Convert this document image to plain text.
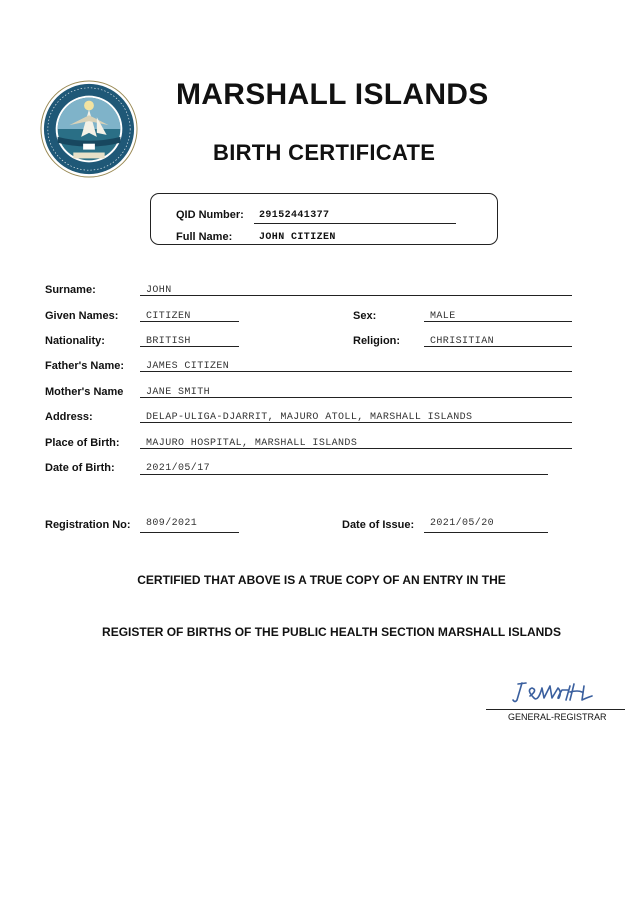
MARSHALL ISLANDS
BIRTH CERTIFICATE
QID Number: 29152441377
Full Name:	JOHN CITIZEN
Surname:	JOHN
Given Names:	CITIZEN	Sex:	MALE
Nationality:	BRITISH	Religion:	CHRISITIAN
Father's Name: JAMES CITIZEN
Mother's Name JANE SMITH
Address:	DELAP-ULIGA-DJARRIT, MAJURO ATOLL, MARSHALL ISLANDS
Place of Birth:	MAJURO HOSPITAL, MARSHALL ISLANDS
Date of Birth:	2021/05/17
Registration No: 809/2021	Date of Issue: 2021/05/20
CERTIFIED THAT ABOVE IS A TRUE COPY OF AN ENTRY IN THE
REGISTER OF BIRTHS OF THE PUBLIC HEALTH SECTION MARSHALL ISLANDS
GENERAL-REGISTRAR
